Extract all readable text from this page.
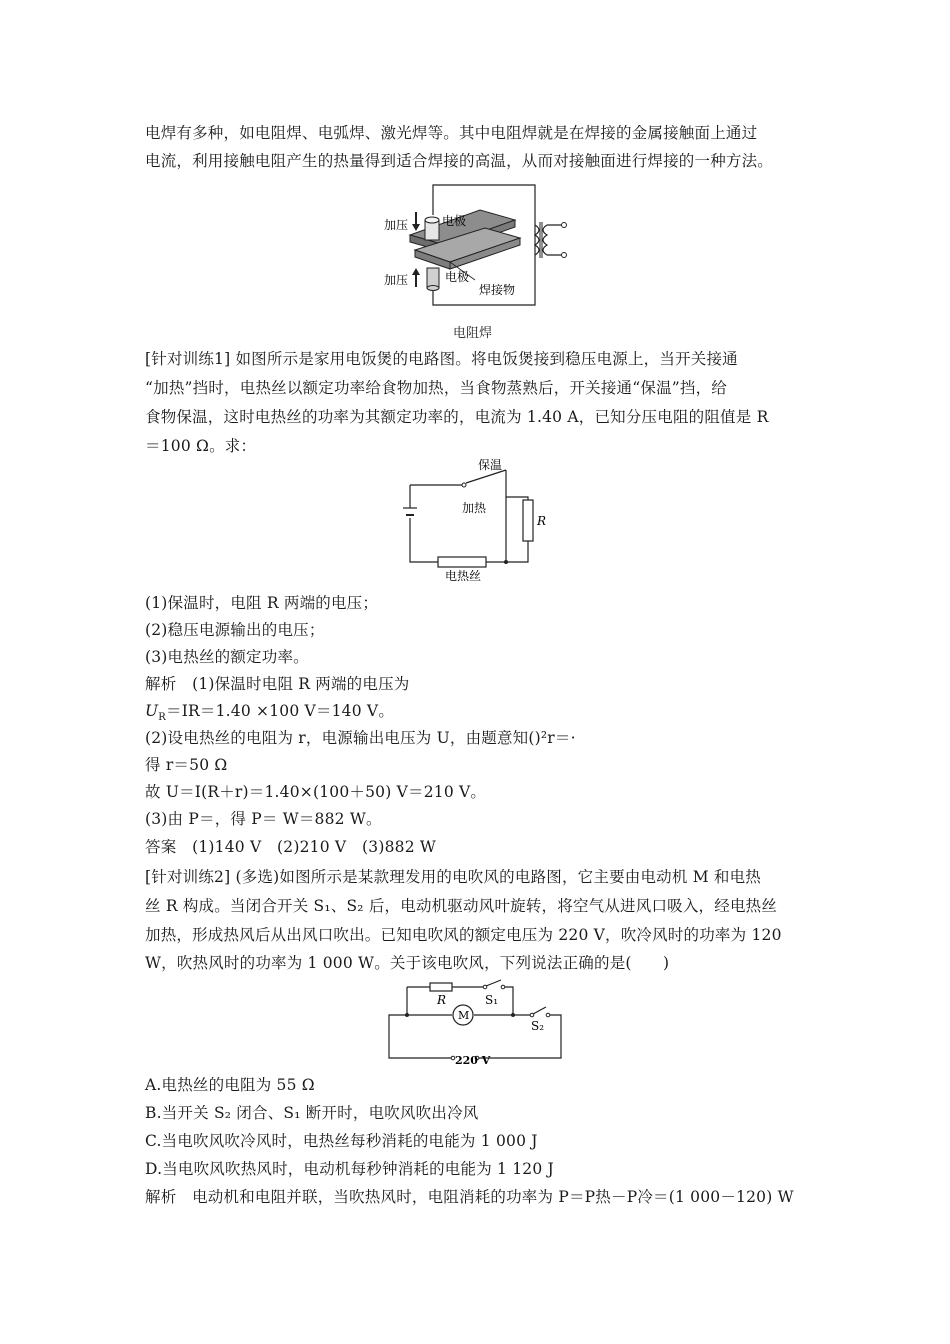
电焊有多种，如电阻焊、电弧焊、激光焊等。其中电阻焊就是在焊接的金属接触面上通过
电流，利用接触电阻产生的热量得到适合焊接的高温，从而对接触面进行焊接的一种方法。
加压	电极
加压	电极
焊接物
电阻焊
[针对训练1] 如图所示是家用电饭煲的电路图。将电饭煲接到稳压电源上，当开关接通
“加热”挡时，电热丝以额定功率给食物加热，当食物蒸熟后，开关接通“保温”挡，给
食物保温，这时电热丝的功率为其额定功率的，电流为 1.40 A，已知分压电阻的阻值是 R
＝100 Ω。求：
保温
加热
R
电热丝
(1)保温时，电阻 R 两端的电压；
(2)稳压电源输出的电压；
(3)电热丝的额定功率。
解析　(1)保温时电阻 R 两端的电压为
$U_R=IR=1.40 \times 100$ V＝140 V。
(2)设电热丝的电阻为 r，电源输出电压为 U，由题意知()²r＝·
得 r＝50 Ω
故 U＝I(R＋r)＝1.40×(100＋50) V＝210 V。
(3)由 P＝，得 P＝ W＝882 W。
答案　(1)140 V　(2)210 V　(3)882 W
[针对训练2] (多选)如图所示是某款理发用的电吹风的电路图，它主要由电动机 M 和电热
丝 R 构成。当闭合开关 S₁、S₂ 后，电动机驱动风叶旋转，将空气从进风口吸入，经电热丝
加热，形成热风后从出风口吹出。已知电吹风的额定电压为 220 V，吹冷风时的功率为 120
W，吹热风时的功率为 1 000 W。关于该电吹风，下列说法正确的是(　　)
R	S₁
S₂
M
220 V
A.电热丝的电阻为 55 Ω
B.当开关 S₂ 闭合、S₁ 断开时，电吹风吹出冷风
C.当电吹风吹冷风时，电热丝每秒消耗的电能为 1 000 J
D.当电吹风吹热风时，电动机每秒钟消耗的电能为 1 120 J
解析　电动机和电阻并联，当吹热风时，电阻消耗的功率为 P＝P热－P冷＝(1 000－120) W
